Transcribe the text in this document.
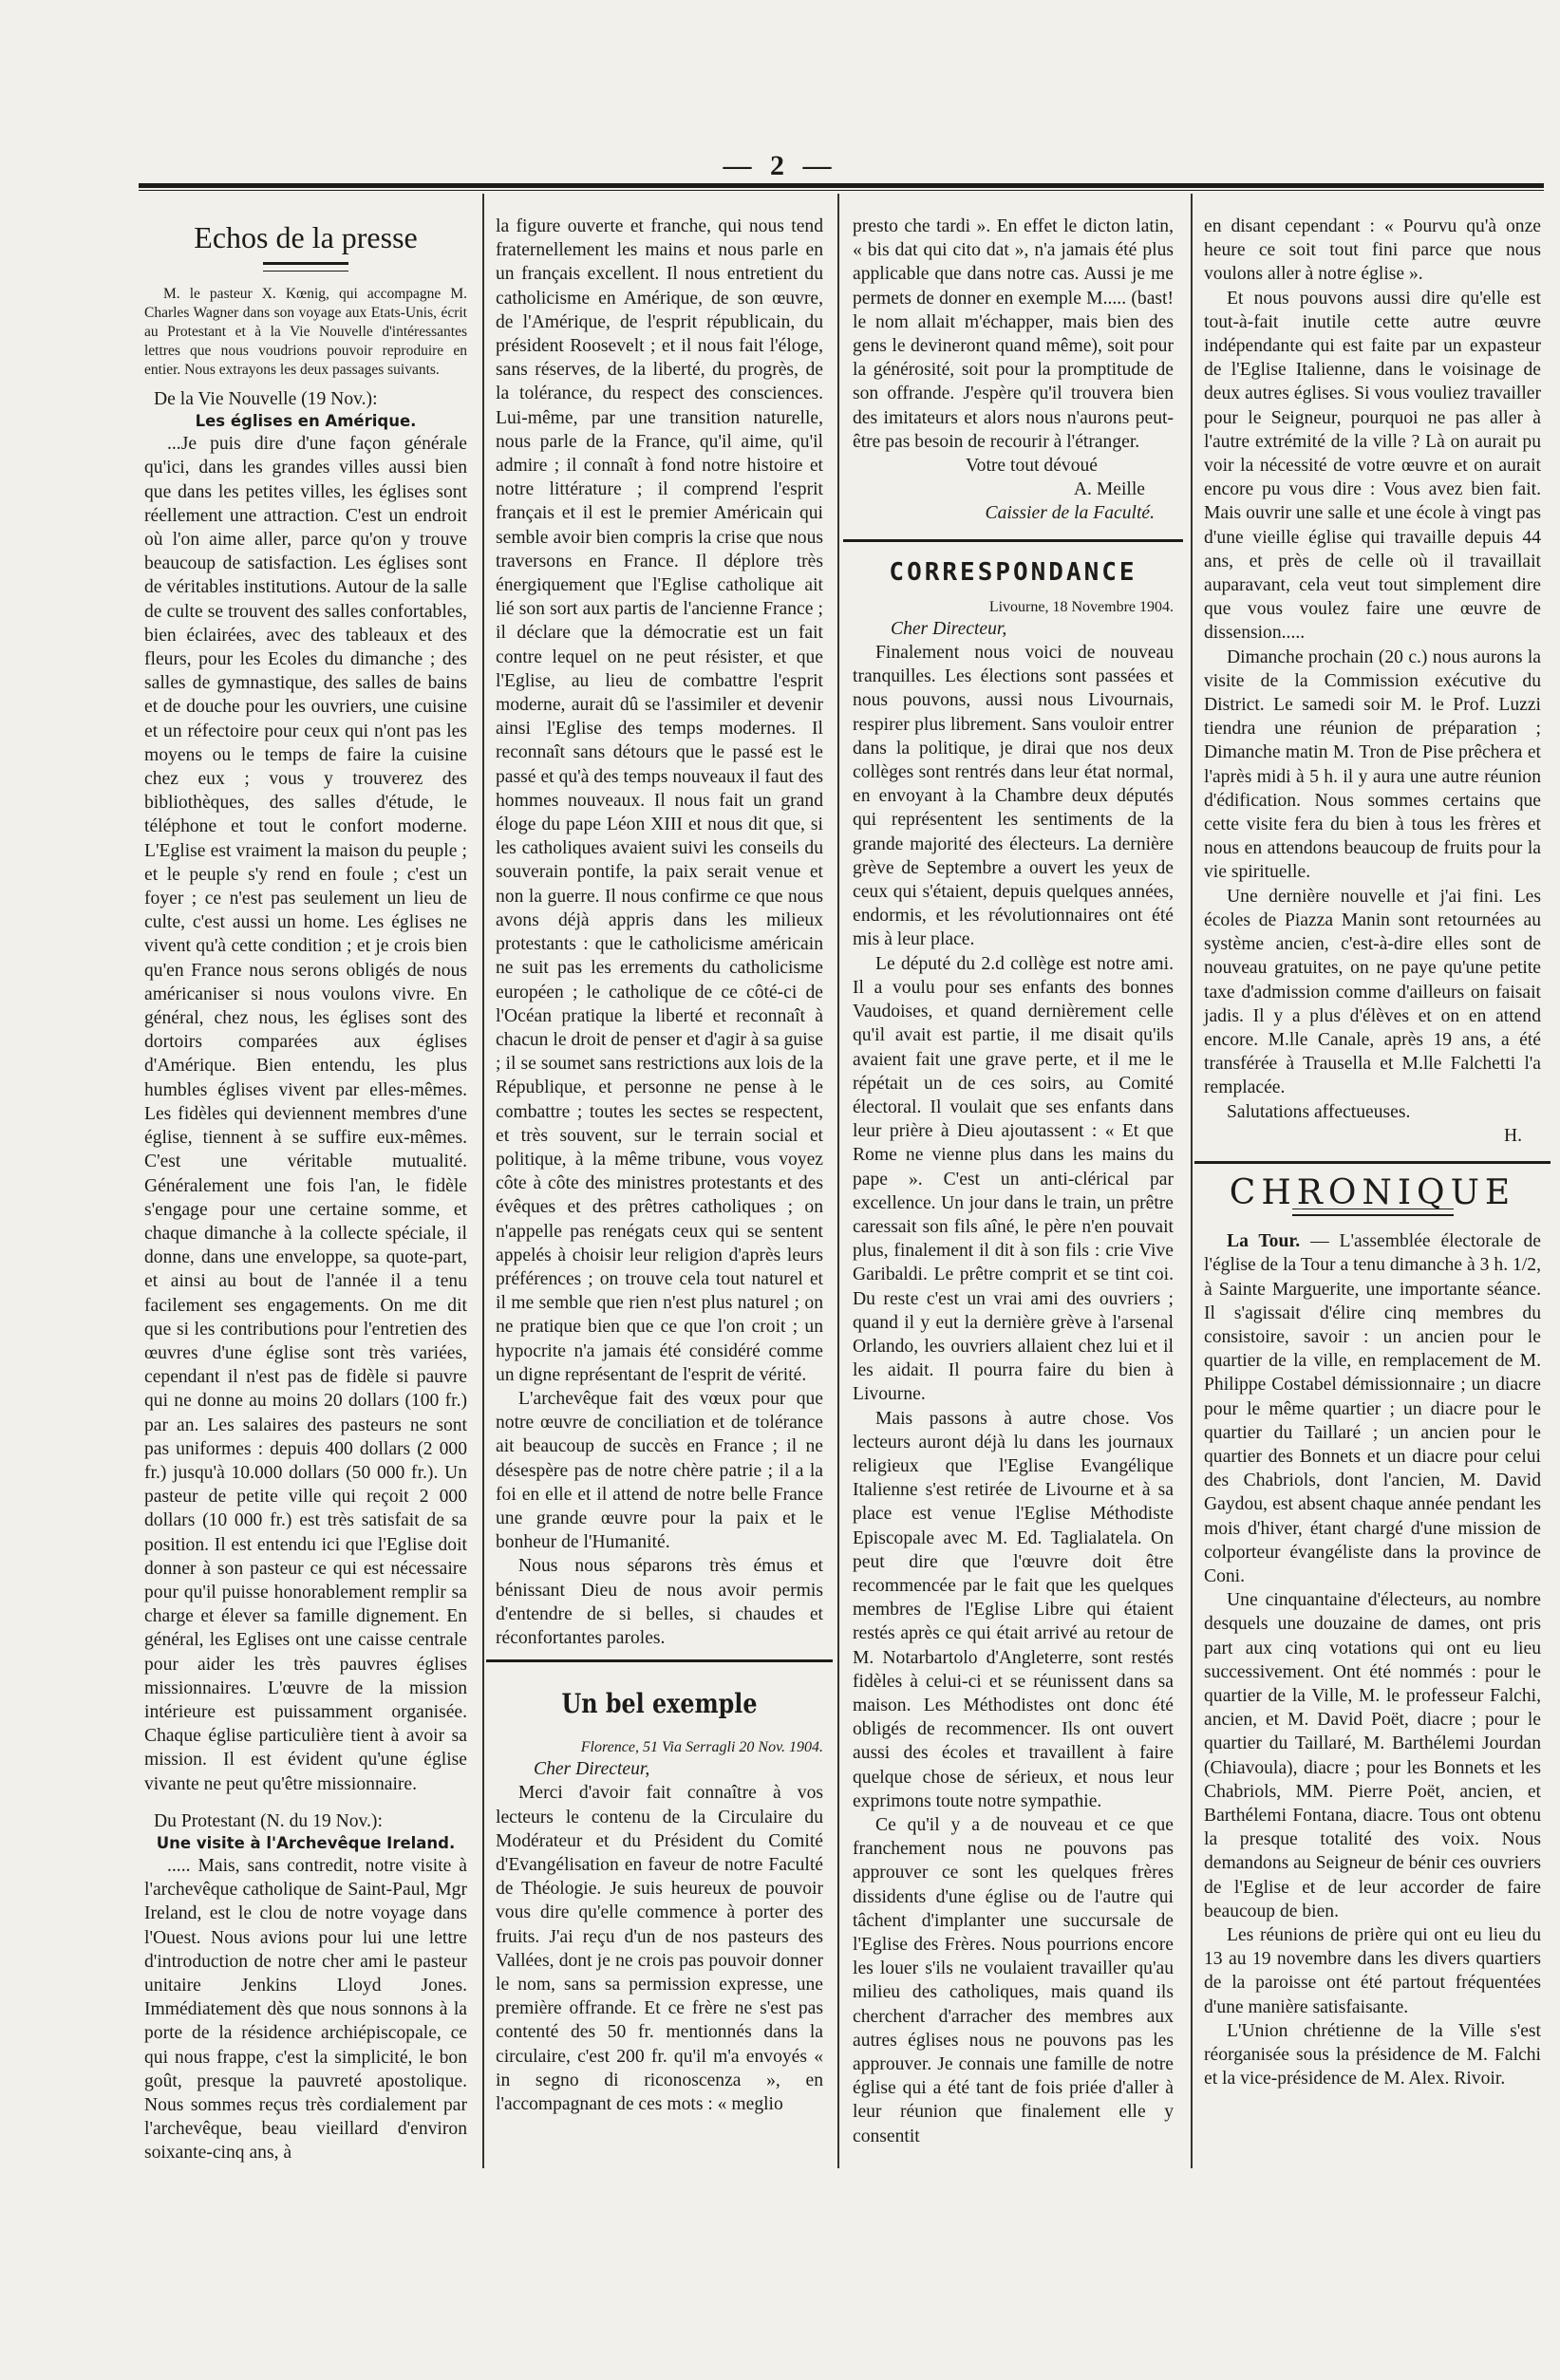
— 2 —
Echos de la presse
M. le pasteur X. Kœnig, qui accompagne M. Charles Wagner dans son voyage aux Etats-Unis, écrit au Protestant et à la Vie Nouvelle d'intéressantes lettres que nous voudrions pouvoir reproduire en entier. Nous extrayons les deux passages suivants.

De la Vie Nouvelle (19 Nov.):

Les églises en Amérique.

...Je puis dire d'une façon générale qu'ici, dans les grandes villes aussi bien que dans les petites villes, les églises sont réellement une attraction. C'est un endroit où l'on aime aller, parce qu'on y trouve beaucoup de satisfaction. Les églises sont de véritables institutions. Autour de la salle de culte se trouvent des salles confortables, bien éclairées, avec des tableaux et des fleurs, pour les Ecoles du dimanche ; des salles de gymnastique, des salles de bains et de douche pour les ouvriers, une cuisine et un réfectoire pour ceux qui n'ont pas les moyens ou le temps de faire la cuisine chez eux ; vous y trouverez des bibliothèques, des salles d'étude, le téléphone et tout le confort moderne. L'Eglise est vraiment la maison du peuple ; et le peuple s'y rend en foule ; c'est un foyer ; ce n'est pas seulement un lieu de culte, c'est aussi un home. Les églises ne vivent qu'à cette condition ; et je crois bien qu'en France nous serons obligés de nous américaniser si nous voulons vivre. En général, chez nous, les églises sont des dortoirs comparées aux églises d'Amérique. Bien entendu, les plus humbles églises vivent par elles-mêmes. Les fidèles qui deviennent membres d'une église, tiennent à se suffire eux-mêmes. C'est une véritable mutualité. Généralement une fois l'an, le fidèle s'engage pour une certaine somme, et chaque dimanche à la collecte spéciale, il donne, dans une enveloppe, sa quote-part, et ainsi au bout de l'année il a tenu facilement ses engagements. On me dit que si les contributions pour l'entretien des œuvres d'une église sont très variées, cependant il n'est pas de fidèle si pauvre qui ne donne au moins 20 dollars (100 fr.) par an. Les salaires des pasteurs ne sont pas uniformes : depuis 400 dollars (2 000 fr.) jusqu'à 10.000 dollars (50 000 fr.). Un pasteur de petite ville qui reçoit 2 000 dollars (10 000 fr.) est très satisfait de sa position. Il est entendu ici que l'Eglise doit donner à son pasteur ce qui est nécessaire pour qu'il puisse honorablement remplir sa charge et élever sa famille dignement. En général, les Eglises ont une caisse centrale pour aider les très pauvres églises missionnaires. L'œuvre de la mission intérieure est puissamment organisée. Chaque église particulière tient à avoir sa mission. Il est évident qu'une église vivante ne peut qu'être missionnaire.

Du Protestant (N. du 19 Nov.):

Une visite à l'Archevêque Ireland.

..... Mais, sans contredit, notre visite à l'archevêque catholique de Saint-Paul, Mgr Ireland, est le clou de notre voyage dans l'Ouest. Nous avions pour lui une lettre d'introduction de notre cher ami le pasteur unitaire Jenkins Lloyd Jones. Immédiatement dès que nous sonnons à la porte de la résidence archiépiscopale, ce qui nous frappe, c'est la simplicité, le bon goût, presque la pauvreté apostolique. Nous sommes reçus très cordialement par l'archevêque, beau vieillard d'environ soixante-cinq ans, à

la figure ouverte et franche, qui nous tend fraternellement les mains et nous parle en un français excellent. Il nous entretient du catholicisme en Amérique, de son œuvre, de l'Amérique, de l'esprit républicain, du président Roosevelt ; et il nous fait l'éloge, sans réserves, de la liberté, du progrès, de la tolérance, du respect des consciences. Lui-même, par une transition naturelle, nous parle de la France, qu'il aime, qu'il admire ; il connaît à fond notre histoire et notre littérature ; il comprend l'esprit français et il est le premier Américain qui semble avoir bien compris la crise que nous traversons en France. Il déplore très énergiquement que l'Eglise catholique ait lié son sort aux partis de l'ancienne France ; il déclare que la démocratie est un fait contre lequel on ne peut résister, et que l'Eglise, au lieu de combattre l'esprit moderne, aurait dû se l'assimiler et devenir ainsi l'Eglise des temps modernes. Il reconnaît sans détours que le passé est le passé et qu'à des temps nouveaux il faut des hommes nouveaux. Il nous fait un grand éloge du pape Léon XIII et nous dit que, si les catholiques avaient suivi les conseils du souverain pontife, la paix serait venue et non la guerre. Il nous confirme ce que nous avons déjà appris dans les milieux protestants : que le catholicisme américain ne suit pas les errements du catholicisme européen ; le catholique de ce côté-ci de l'Océan pratique la liberté et reconnaît à chacun le droit de penser et d'agir à sa guise ; il se soumet sans restrictions aux lois de la République, et personne ne pense à le combattre ; toutes les sectes se respectent, et très souvent, sur le terrain social et politique, à la même tribune, vous voyez côte à côte des ministres protestants et des évêques et des prêtres catholiques ; on n'appelle pas renégats ceux qui se sentent appelés à choisir leur religion d'après leurs préférences ; on trouve cela tout naturel et il me semble que rien n'est plus naturel ; on ne pratique bien que ce que l'on croit ; un hypocrite n'a jamais été considéré comme un digne représentant de l'esprit de vérité.

L'archevêque fait des vœux pour que notre œuvre de conciliation et de tolérance ait beaucoup de succès en France ; il ne désespère pas de notre chère patrie ; il a la foi en elle et il attend de notre belle France une grande œuvre pour la paix et le bonheur de l'Humanité.

Nous nous séparons très émus et bénissant Dieu de nous avoir permis d'entendre de si belles, si chaudes et réconfortantes paroles.

Un bel exemple
Florence, 51 Via Serragli 20 Nov. 1904.

Cher Directeur,

Merci d'avoir fait connaître à vos lecteurs le contenu de la Circulaire du Modérateur et du Président du Comité d'Evangélisation en faveur de notre Faculté de Théologie. Je suis heureux de pouvoir vous dire qu'elle commence à porter des fruits. J'ai reçu d'un de nos pasteurs des Vallées, dont je ne crois pas pouvoir donner le nom, sans sa permission expresse, une première offrande. Et ce frère ne s'est pas contenté des 50 fr. mentionnés dans la circulaire, c'est 200 fr. qu'il m'a envoyés « in segno di riconoscenza », en l'accompagnant de ces mots : « meglio

presto che tardi ». En effet le dicton latin, « bis dat qui cito dat », n'a jamais été plus applicable que dans notre cas. Aussi je me permets de donner en exemple M..... (bast! le nom allait m'échapper, mais bien des gens le devineront quand même), soit pour la générosité, soit pour la promptitude de son offrande. J'espère qu'il trouvera bien des imitateurs et alors nous n'aurons peut-être pas besoin de recourir à l'étranger.

Votre tout dévoué

A. Meille

Caissier de la Faculté.

CORRESPONDANCE
Livourne, 18 Novembre 1904.

Cher Directeur,

Finalement nous voici de nouveau tranquilles. Les élections sont passées et nous pouvons, aussi nous Livournais, respirer plus librement. Sans vouloir entrer dans la politique, je dirai que nos deux collèges sont rentrés dans leur état normal, en envoyant à la Chambre deux députés qui représentent les sentiments de la grande majorité des électeurs. La dernière grève de Septembre a ouvert les yeux de ceux qui s'étaient, depuis quelques années, endormis, et les révolutionnaires ont été mis à leur place.

Le député du 2.d collège est notre ami. Il a voulu pour ses enfants des bonnes Vaudoises, et quand dernièrement celle qu'il avait est partie, il me disait qu'ils avaient fait une grave perte, et il me le répétait un de ces soirs, au Comité électoral. Il voulait que ses enfants dans leur prière à Dieu ajoutassent : « Et que Rome ne vienne plus dans les mains du pape ». C'est un anti-clérical par excellence. Un jour dans le train, un prêtre caressait son fils aîné, le père n'en pouvait plus, finalement il dit à son fils : crie Vive Garibaldi. Le prêtre comprit et se tint coi. Du reste c'est un vrai ami des ouvriers ; quand il y eut la dernière grève à l'arsenal Orlando, les ouvriers allaient chez lui et il les aidait. Il pourra faire du bien à Livourne.

Mais passons à autre chose. Vos lecteurs auront déjà lu dans les journaux religieux que l'Eglise Evangélique Italienne s'est retirée de Livourne et à sa place est venue l'Eglise Méthodiste Episcopale avec M. Ed. Taglialatela. On peut dire que l'œuvre doit être recommencée par le fait que les quelques membres de l'Eglise Libre qui étaient restés après ce qui était arrivé au retour de M. Notarbartolo d'Angleterre, sont restés fidèles à celui-ci et se réunissent dans sa maison. Les Méthodistes ont donc été obligés de recommencer. Ils ont ouvert aussi des écoles et travaillent à faire quelque chose de sérieux, et nous leur exprimons toute notre sympathie.

Ce qu'il y a de nouveau et ce que franchement nous ne pouvons pas approuver ce sont les quelques frères dissidents d'une église ou de l'autre qui tâchent d'implanter une succursale de l'Eglise des Frères. Nous pourrions encore les louer s'ils ne voulaient travailler qu'au milieu des catholiques, mais quand ils cherchent d'arracher des membres aux autres églises nous ne pouvons pas les approuver. Je connais une famille de notre église qui a été tant de fois priée d'aller à leur réunion que finalement elle y consentit

en disant cependant : « Pourvu qu'à onze heure ce soit tout fini parce que nous voulons aller à notre église ».

Et nous pouvons aussi dire qu'elle est tout-à-fait inutile cette autre œuvre indépendante qui est faite par un expasteur de l'Eglise Italienne, dans le voisinage de deux autres églises. Si vous vouliez travailler pour le Seigneur, pourquoi ne pas aller à l'autre extrémité de la ville ? Là on aurait pu voir la nécessité de votre œuvre et on aurait encore pu vous dire : Vous avez bien fait. Mais ouvrir une salle et une école à vingt pas d'une vieille église qui travaille depuis 44 ans, et près de celle où il travaillait auparavant, cela veut tout simplement dire que vous voulez faire une œuvre de dissension.....

Dimanche prochain (20 c.) nous aurons la visite de la Commission exécutive du District. Le samedi soir M. le Prof. Luzzi tiendra une réunion de préparation ; Dimanche matin M. Tron de Pise prêchera et l'après midi à 5 h. il y aura une autre réunion d'édification. Nous sommes certains que cette visite fera du bien à tous les frères et nous en attendons beaucoup de fruits pour la vie spirituelle.

Une dernière nouvelle et j'ai fini. Les écoles de Piazza Manin sont retournées au système ancien, c'est-à-dire elles sont de nouveau gratuites, on ne paye qu'une petite taxe d'admission comme d'ailleurs on faisait jadis. Il y a plus d'élèves et on en attend encore. M.lle Canale, après 19 ans, a été transférée à Trausella et M.lle Falchetti l'a remplacée.

Salutations affectueuses.

H.

CHRONIQUE

La Tour. — L'assemblée électorale de l'église de la Tour a tenu dimanche à 3 h. 1/2, à Sainte Marguerite, une importante séance. Il s'agissait d'élire cinq membres du consistoire, savoir : un ancien pour le quartier de la ville, en remplacement de M. Philippe Costabel démissionnaire ; un diacre pour le même quartier ; un diacre pour le quartier du Taillaré ; un ancien pour le quartier des Bonnets et un diacre pour celui des Chabriols, dont l'ancien, M. David Gaydou, est absent chaque année pendant les mois d'hiver, étant chargé d'une mission de colporteur évangéliste dans la province de Coni.

Une cinquantaine d'électeurs, au nombre desquels une douzaine de dames, ont pris part aux cinq votations qui ont eu lieu successivement. Ont été nommés : pour le quartier de la Ville, M. le professeur Falchi, ancien, et M. David Poët, diacre ; pour le quartier du Taillaré, M. Barthélemi Jourdan (Chiavoula), diacre ; pour les Bonnets et les Chabriols, MM. Pierre Poët, ancien, et Barthélemi Fontana, diacre. Tous ont obtenu la presque totalité des voix. Nous demandons au Seigneur de bénir ces ouvriers de l'Eglise et de leur accorder de faire beaucoup de bien.

Les réunions de prière qui ont eu lieu du 13 au 19 novembre dans les divers quartiers de la paroisse ont été partout fréquentées d'une manière satisfaisante.

L'Union chrétienne de la Ville s'est réorganisée sous la présidence de M. Falchi et la vice-présidence de M. Alex. Rivoir.
